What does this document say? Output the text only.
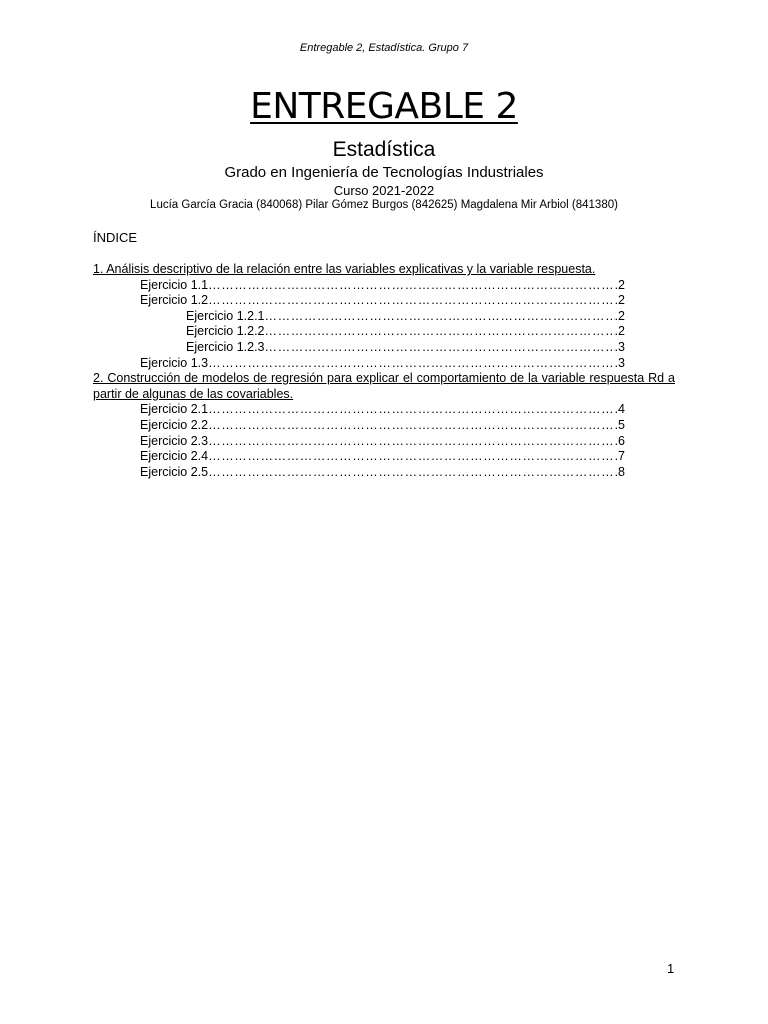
Entregable 2, Estadística. Grupo 7
ENTREGABLE 2
Estadística
Grado en Ingeniería de Tecnologías Industriales
Curso 2021-2022
Lucía García Gracia (840068) Pilar Gómez Burgos (842625) Magdalena Mir Arbiol (841380)
ÍNDICE
1. Análisis descriptivo de la relación entre las variables explicativas y la variable respuesta.
Ejercicio 1.1 …………………………………………………………………………………………………………………………………………………………………………	.2
Ejercicio 1.2 …………………………………………………………………………………………………………………………………………………………………………	.2
Ejercicio 1.2.1 …………………………………………………………………………………………………………………………………………………………………………	.2
Ejercicio 1.2.2 …………………………………………………………………………………………………………………………………………………………………………	.2
Ejercicio 1.2.3 …………………………………………………………………………………………………………………………………………………………………………	.3
Ejercicio 1.3 …………………………………………………………………………………………………………………………………………………………………………	.3
2. Construcción de modelos de regresión para explicar el comportamiento de la variable respuesta Rd a partir de algunas de las covariables.
Ejercicio 2.1 …………………………………………………………………………………………………………………………………………………………………………	.4
Ejercicio 2.2 …………………………………………………………………………………………………………………………………………………………………………	.5
Ejercicio 2.3 …………………………………………………………………………………………………………………………………………………………………………	.6
Ejercicio 2.4 …………………………………………………………………………………………………………………………………………………………………………	.7
Ejercicio 2.5 …………………………………………………………………………………………………………………………………………………………………………	.8
1
